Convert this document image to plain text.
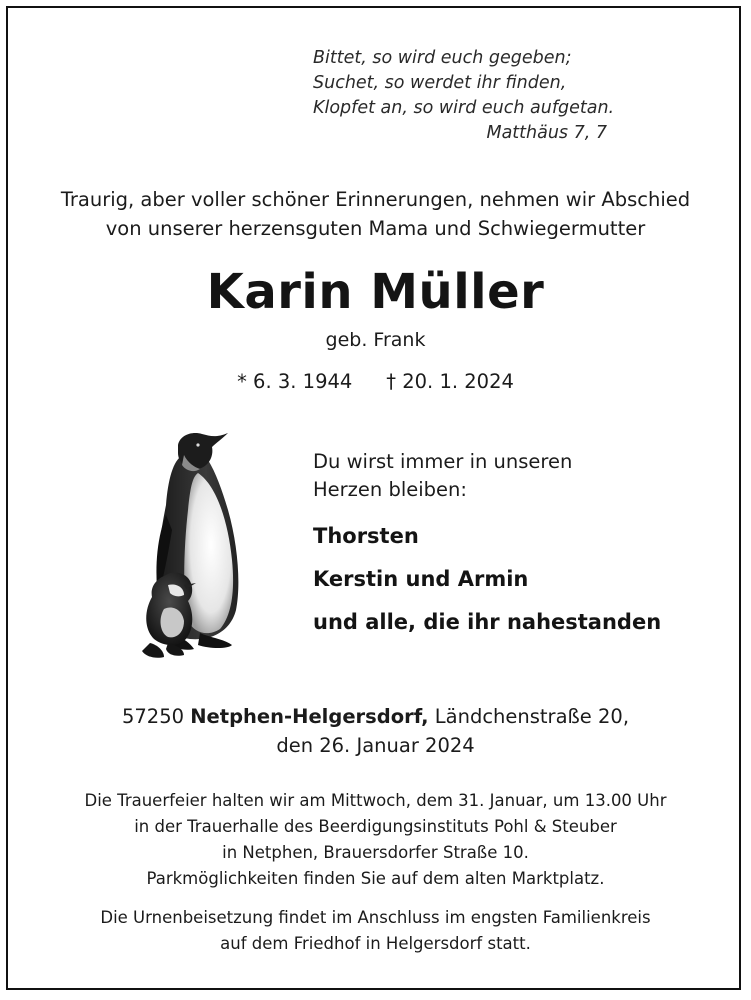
Bittet, so wird euch gegeben;
Suchet, so werdet ihr finden,
Klopfet an, so wird euch aufgetan.
Matthäus 7, 7
Traurig, aber voller schöner Erinnerungen, nehmen wir Abschied
von unserer herzensguten Mama und Schwiegermutter
Karin Müller
geb. Frank
* 6. 3. 1944 † 20. 1. 2024
Du wirst immer in unseren
Herzen bleiben:
Thorsten
Kerstin und Armin
und alle, die ihr nahestanden
57250 Netphen-Helgersdorf, Ländchenstraße 20,
den 26. Januar 2024
Die Trauerfeier halten wir am Mittwoch, dem 31. Januar, um 13.00 Uhr
in der Trauerhalle des Beerdigungsinstituts Pohl & Steuber
in Netphen, Brauersdorfer Straße 10.
Parkmöglichkeiten finden Sie auf dem alten Marktplatz.
Die Urnenbeisetzung findet im Anschluss im engsten Familienkreis
auf dem Friedhof in Helgersdorf statt.
